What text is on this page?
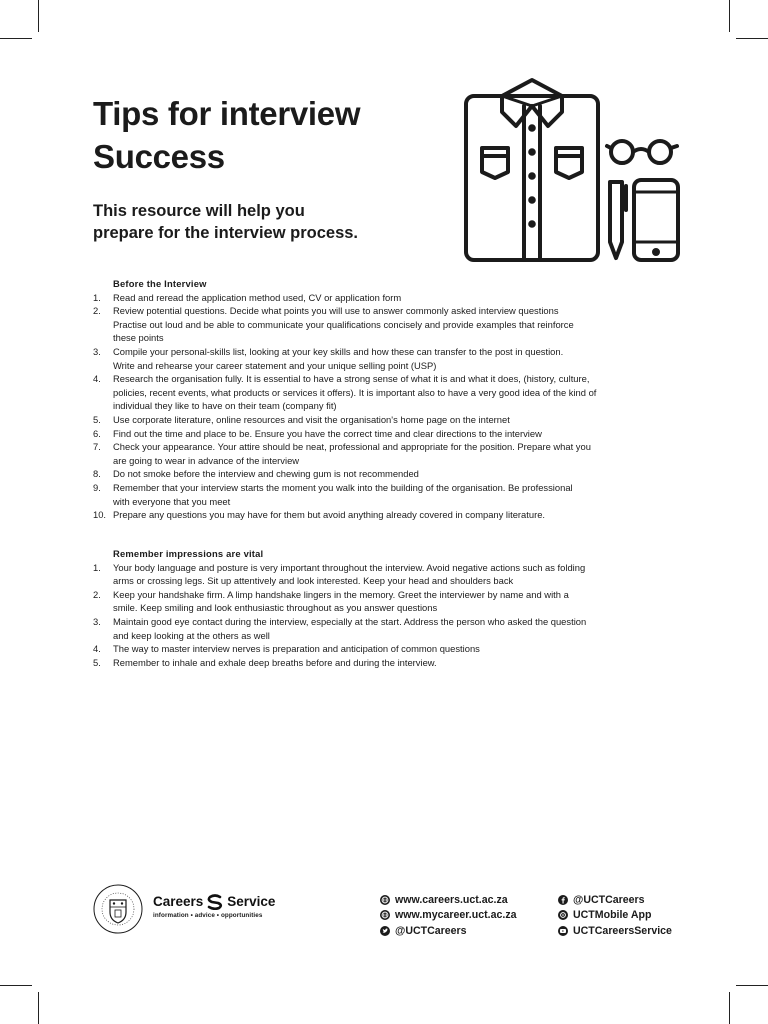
Tips for interview
Success
This resource will help you
prepare for the interview process.
Before the Interview
1. Read and reread the application method used, CV or application form
2. Review potential questions. Decide what points you will use to answer commonly asked interview questions
Practise out loud and be able to communicate your qualifications concisely and provide examples that reinforce
these points
3. Compile your personal-skills list, looking at your key skills and how these can transfer to the post in question.
Write and rehearse your career statement and your unique selling point (USP)
4. Research the organisation fully. It is essential to have a strong sense of what it is and what it does, (history, culture,
policies, recent events, what products or services it offers). It is important also to have a very good idea of the kind of
individual they like to have on their team (company fit)
5. Use corporate literature, online resources and visit the organisation's home page on the internet
6. Find out the time and place to be. Ensure you have the correct time and clear directions to the interview
7. Check your appearance. Your attire should be neat, professional and appropriate for the position. Prepare what you
are going to wear in advance of the interview
8. Do not smoke before the interview and chewing gum is not recommended
9. Remember that your interview starts the moment you walk into the building of the organisation. Be professional
with everyone that you meet
10. Prepare any questions you may have for them but avoid anything already covered in company literature.
Remember impressions are vital
1. Your body language and posture is very important throughout the interview. Avoid negative actions such as folding
arms or crossing legs. Sit up attentively and look interested. Keep your head and shoulders back
2. Keep your handshake firm. A limp handshake lingers in the memory. Greet the interviewer by name and with a
smile. Keep smiling and look enthusiastic throughout as you answer questions
3. Maintain good eye contact during the interview, especially at the start. Address the person who asked the question
and keep looking at the others as well
4. The way to master interview nerves is preparation and anticipation of common questions
5. Remember to inhale and exhale deep breaths before and during the interview.
Careers Service
information • advice • opportunities
www.careers.uct.ac.za
www.mycareer.uct.ac.za
@UCTCareers
@UCTCareers
UCTMobile App
UCTCareersService
